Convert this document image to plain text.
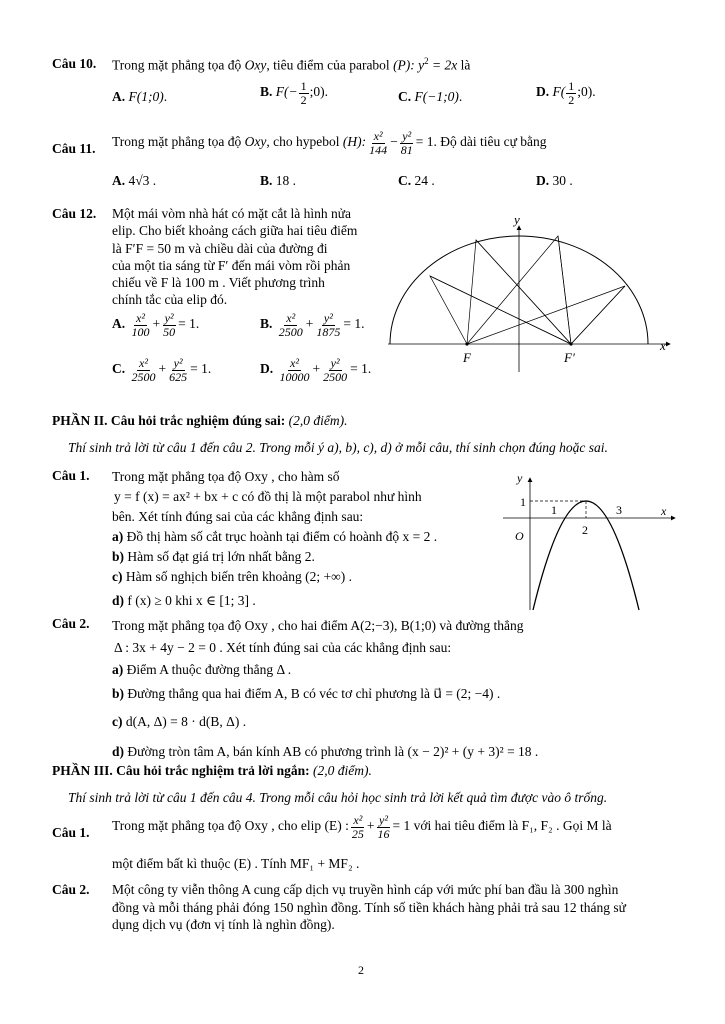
Câu 10. Trong mặt phẳng tọa độ Oxy, tiêu điểm của parabol (P): $y^2 = 2x$ là
A. F(1;0).	B. $F(- \frac{1}{2}$ ;0).	C. F(−1;0).	D. $F( \frac{1}{2}$ ;0).
Câu 11. Trong mặt phẳng tọa độ Oxy, cho hypebol (H): $\frac{\text{x²}}{144} - \frac{\text{y²}}{81} = 1$. Độ dài tiêu cự bằng
A. 4√3 .	B. 18 .	C. 24 .	D. 30 .
Câu 12. Một mái vòm nhà hát có mặt cắt là hình nửa
elip. Cho biết khoảng cách giữa hai tiêu điểm
là F′F = 50 m và chiều dài của đường đi
của một tia sáng từ F′ đến mái vòm rồi phản
chiếu về F là 100 m . Viết phương trình
chính tắc của elip đó.
A. $\frac{\text{x²}}{100} + \frac{\text{y²}}{50} = 1$.	B. $\frac{\text{x²}}{2500} + \frac{\text{y²}}{1875} = 1$.
C. $\frac{\text{x²}}{2500} + \frac{\text{y²}}{625} = 1$.	D. $\frac{\text{x²}}{10000} + \frac{\text{y²}}{2500} = 1$.
y
x
F	F′
PHẦN II. Câu hỏi trắc nghiệm đúng sai: (2,0 điểm).
Thí sinh trả lời từ câu 1 đến câu 2. Trong mỗi ý a), b), c), d) ở mỗi câu, thí sinh chọn đúng hoặc sai.
Câu 1. Trong mặt phẳng tọa độ Oxy , cho hàm số
y = f (x) = ax² + bx + c có đồ thị là một parabol như hình
bên. Xét tính đúng sai của các khẳng định sau:
a) Đồ thị hàm số cắt trục hoành tại điểm có hoành độ x = 2 .
b) Hàm số đạt giá trị lớn nhất bằng 2.
c) Hàm số nghịch biến trên khoảng (2; +∞) .
d) f (x) ≥ 0 khi x ∈ [1; 3] .
y
x
O
1
1
2
3
Câu 2. Trong mặt phẳng tọa độ Oxy , cho hai điểm A(2;−3), B(1;0) và đường thẳng
Δ : 3x + 4y − 2 = 0 . Xét tính đúng sai của các khẳng định sau:
a) Điểm A thuộc đường thẳng Δ .
b) Đường thẳng qua hai điểm A, B có véc tơ chỉ phương là u⃗ = (2; −4) .
c) d(A, Δ) = 8 · d(B, Δ) .
d) Đường tròn tâm A, bán kính AB có phương trình là (x − 2)² + (y + 3)² = 18 .
PHẦN III. Câu hỏi trắc nghiệm trả lời ngắn: (2,0 điểm).
Thí sinh trả lời từ câu 1 đến câu 4. Trong mỗi câu hỏi học sinh trả lời kết quả tìm được vào ô trống.
Câu 1. Trong mặt phẳng tọa độ Oxy , cho elip (E) : $\frac{\text{x²}}{25} + \frac{\text{y²}}{16} = 1$ với hai tiêu điểm là F₁, F₂ . Gọi M là
một điểm bất kì thuộc (E) . Tính MF₁ + MF₂ .
Câu 2. Một công ty viễn thông A cung cấp dịch vụ truyền hình cáp với mức phí ban đầu là 300 nghìn
đồng và mỗi tháng phải đóng 150 nghìn đồng. Tính số tiền khách hàng phải trả sau 12 tháng sử
dụng dịch vụ (đơn vị tính là nghìn đồng).
2
